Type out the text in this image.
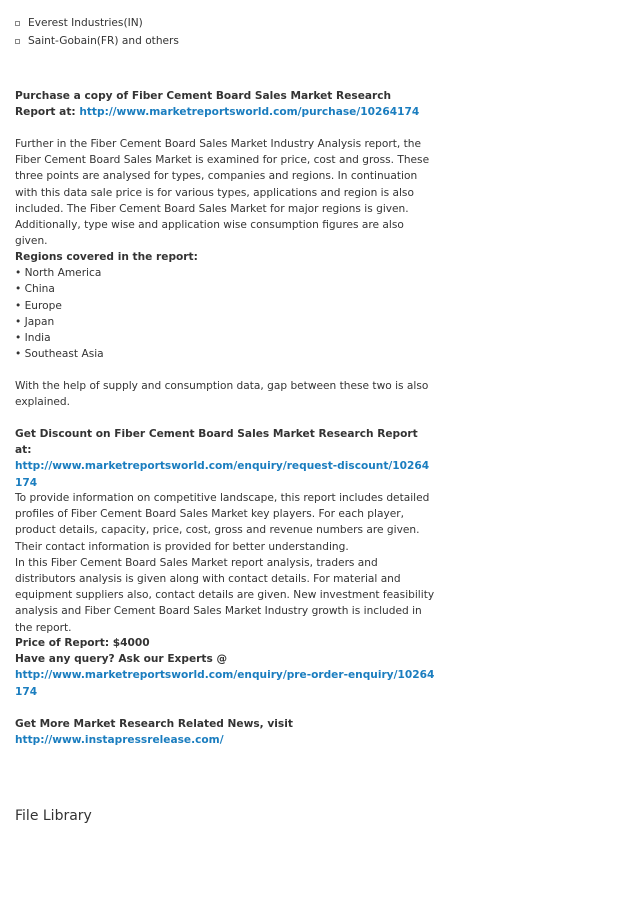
Everest Industries(IN)
Saint-Gobain(FR) and others

Purchase a copy of Fiber Cement Board Sales Market Research Report at: http://www.marketreportsworld.com/purchase/10264174

Further in the Fiber Cement Board Sales Market Industry Analysis report, the Fiber Cement Board Sales Market is examined for price, cost and gross. These three points are analysed for types, companies and regions. In continuation with this data sale price is for various types, applications and region is also included. The Fiber Cement Board Sales Market for major regions is given. Additionally, type wise and application wise consumption figures are also given.

Regions covered in the report:

• North America
• China
• Europe
• Japan
• India
• Southeast Asia

With the help of supply and consumption data, gap between these two is also explained.

Get Discount on Fiber Cement Board Sales Market Research Report at:

http://www.marketreportsworld.com/enquiry/request-discount/10264174

To provide information on competitive landscape, this report includes detailed profiles of Fiber Cement Board Sales Market key players. For each player, product details, capacity, price, cost, gross and revenue numbers are given. Their contact information is provided for better understanding.

In this Fiber Cement Board Sales Market report analysis, traders and distributors analysis is given along with contact details. For material and equipment suppliers also, contact details are given. New investment feasibility analysis and Fiber Cement Board Sales Market Industry growth is included in the report.

Price of Report: $4000

Have any query? Ask our Experts @

http://www.marketreportsworld.com/enquiry/pre-order-enquiry/10264174

Get More Market Research Related News, visit

http://www.instapressrelease.com/
File Library
